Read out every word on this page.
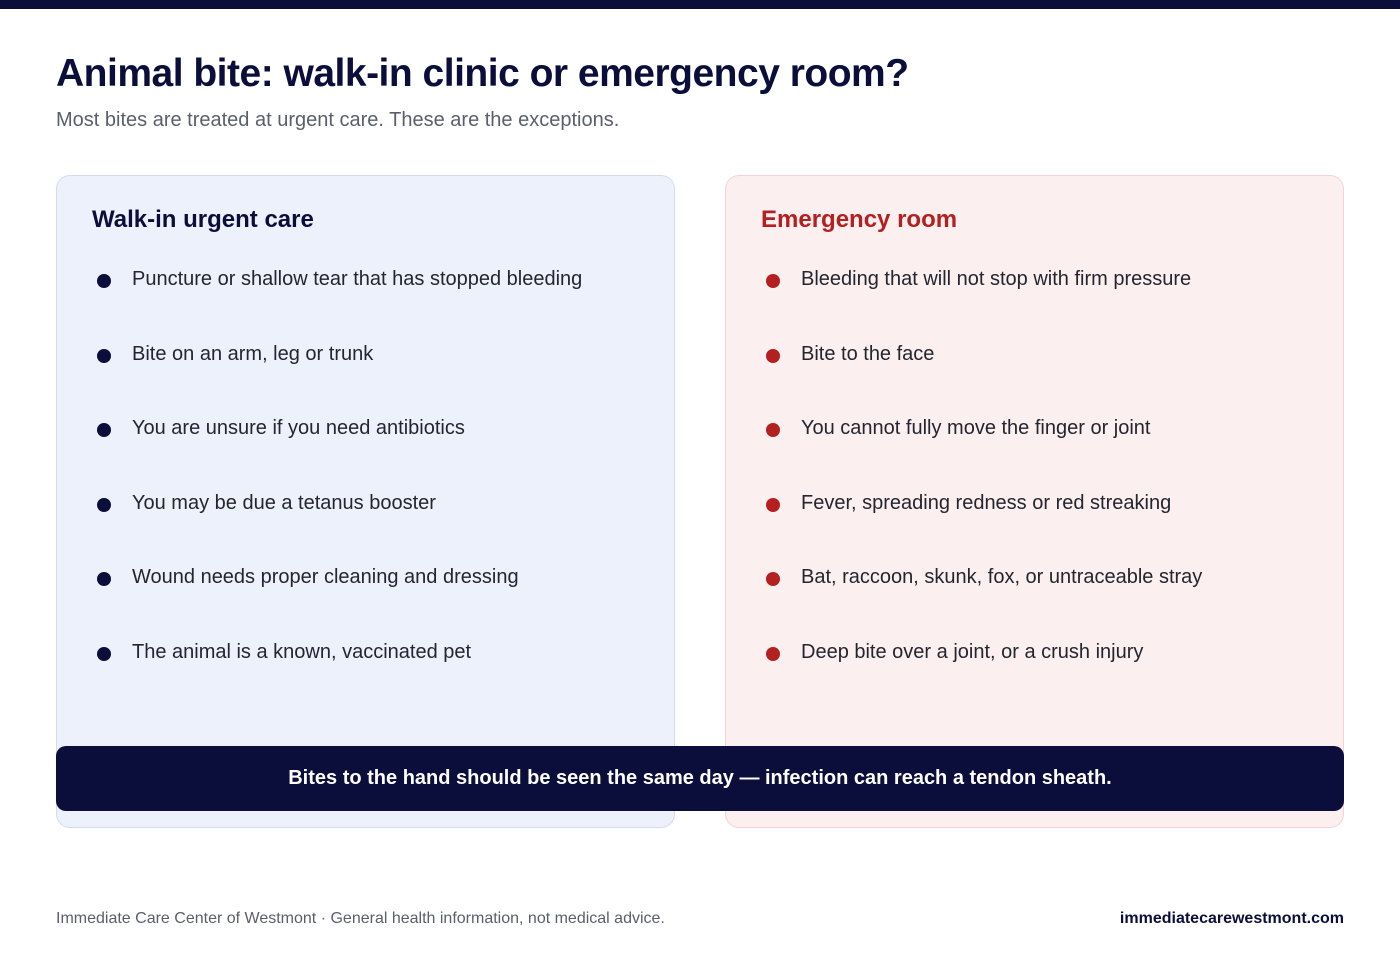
Animal bite: walk-in clinic or emergency room?

Most bites are treated at urgent care. These are the exceptions.

Walk-in urgent care
Puncture or shallow tear that has stopped bleeding
Bite on an arm, leg or trunk
You are unsure if you need antibiotics
You may be due a tetanus booster
Wound needs proper cleaning and dressing
The animal is a known, vaccinated pet
Emergency room
Bleeding that will not stop with firm pressure
Bite to the face
You cannot fully move the finger or joint
Fever, spreading redness or red streaking
Bat, raccoon, skunk, fox, or untraceable stray
Deep bite over a joint, or a crush injury
Bites to the hand should be seen the same day — infection can reach a tendon sheath.

Immediate Care Center of Westmont · General health information, not medical advice.	immediatecarewestmont.com
